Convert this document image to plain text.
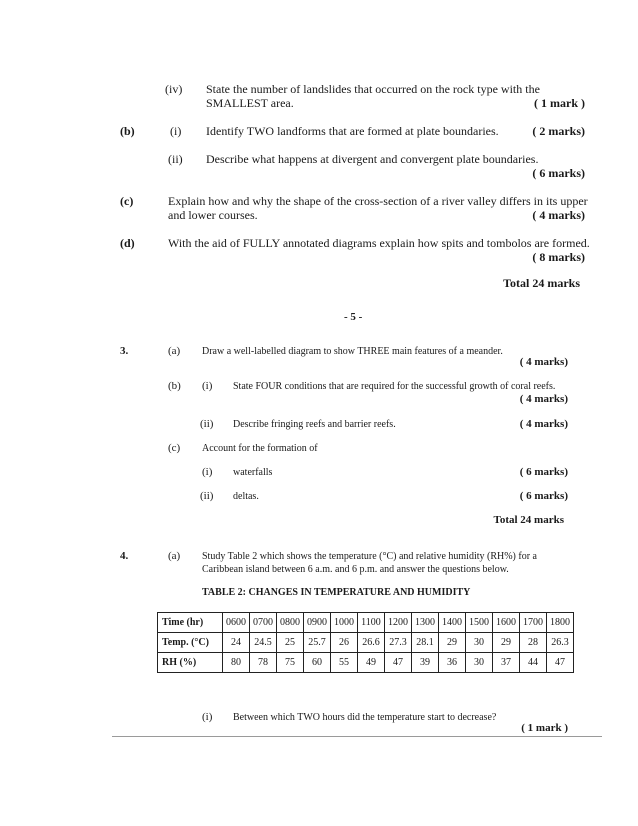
(iv) State the number of landslides that occurred on the rock type with the
SMALLEST area.	( 1 mark )
(b)	(i) Identify TWO landforms that are formed at plate boundaries.	( 2 marks)
(ii) Describe what happens at divergent and convergent plate boundaries.
( 6 marks)
(c)	Explain how and why the shape of the cross-section of a river valley differs in its upper
and lower courses.	( 4 marks)
(d)	With the aid of FULLY annotated diagrams explain how spits and tombolos are formed.
( 8 marks)
Total 24 marks
- 5 -
3.	(a) Draw a well-labelled diagram to show THREE main features of a meander.
( 4 marks)
(b) (i) State FOUR conditions that are required for the successful growth of coral reefs.
( 4 marks)
(ii) Describe fringing reefs and barrier reefs.	( 4 marks)
(c) Account for the formation of
(i) waterfalls	( 6 marks)
(ii) deltas.	( 6 marks)
Total 24 marks
4.	(a) Study Table 2 which shows the temperature (°C) and relative humidity (RH%) for a
Caribbean island between 6 a.m. and 6 p.m. and answer the questions below.
TABLE 2: CHANGES IN TEMPERATURE AND HUMIDITY
Time (hr)	0600	0700	0800	0900	1000	1100	1200	1300	1400	1500	1600	1700	1800
Temp. (°C)	24	24.5	25	25.7	26	26.6	27.3	28.1	29	30	29	28	26.3
RH (%)	80	78	75	60	55	49	47	39	36	30	37	44	47
(i) Between which TWO hours did the temperature start to decrease?
( 1 mark )
